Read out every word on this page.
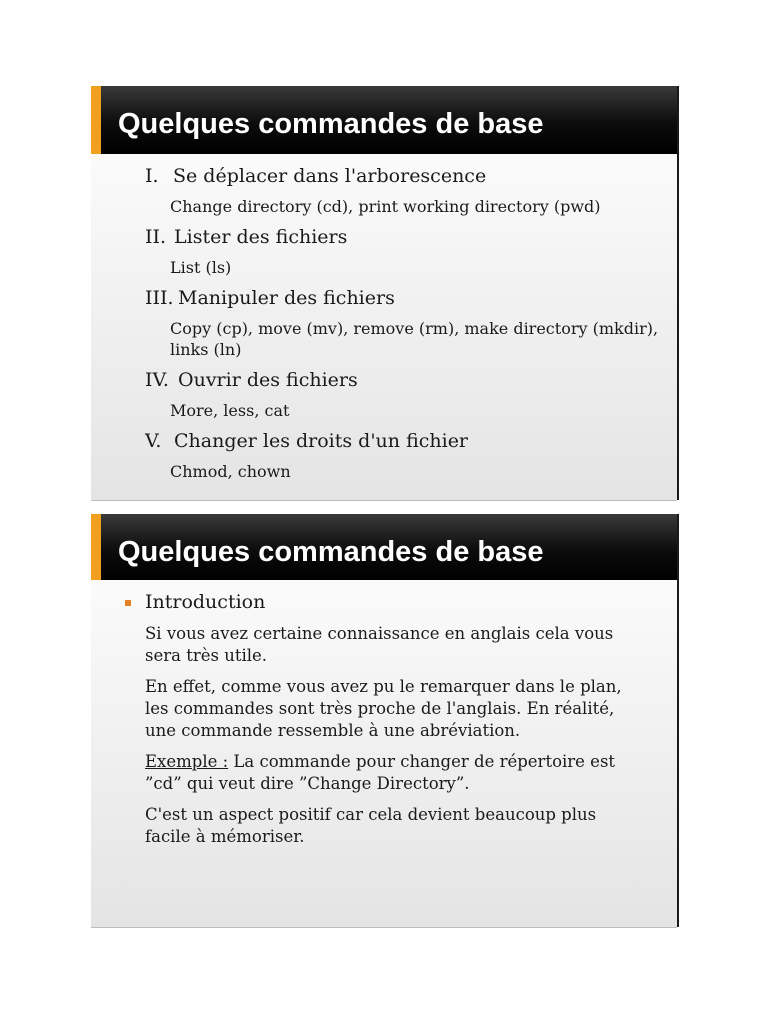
Quelques commandes de base
I. Se déplacer dans l'arborescence
Change directory (cd), print working directory (pwd)
II. Lister des fichiers
List (ls)
III. Manipuler des fichiers
Copy (cp), move (mv), remove (rm), make directory (mkdir), links (ln)
IV. Ouvrir des fichiers
More, less, cat
V. Changer les droits d'un fichier
Chmod, chown
Quelques commandes de base
Introduction

Si vous avez certaine connaissance en anglais cela vous sera très utile.

En effet, comme vous avez pu le remarquer dans le plan, les commandes sont très proche de l'anglais. En réalité, une commande ressemble à une abréviation.

Exemple : La commande pour changer de répertoire est ”cd” qui veut dire ”Change Directory”.

C'est un aspect positif car cela devient beaucoup plus facile à mémoriser.
